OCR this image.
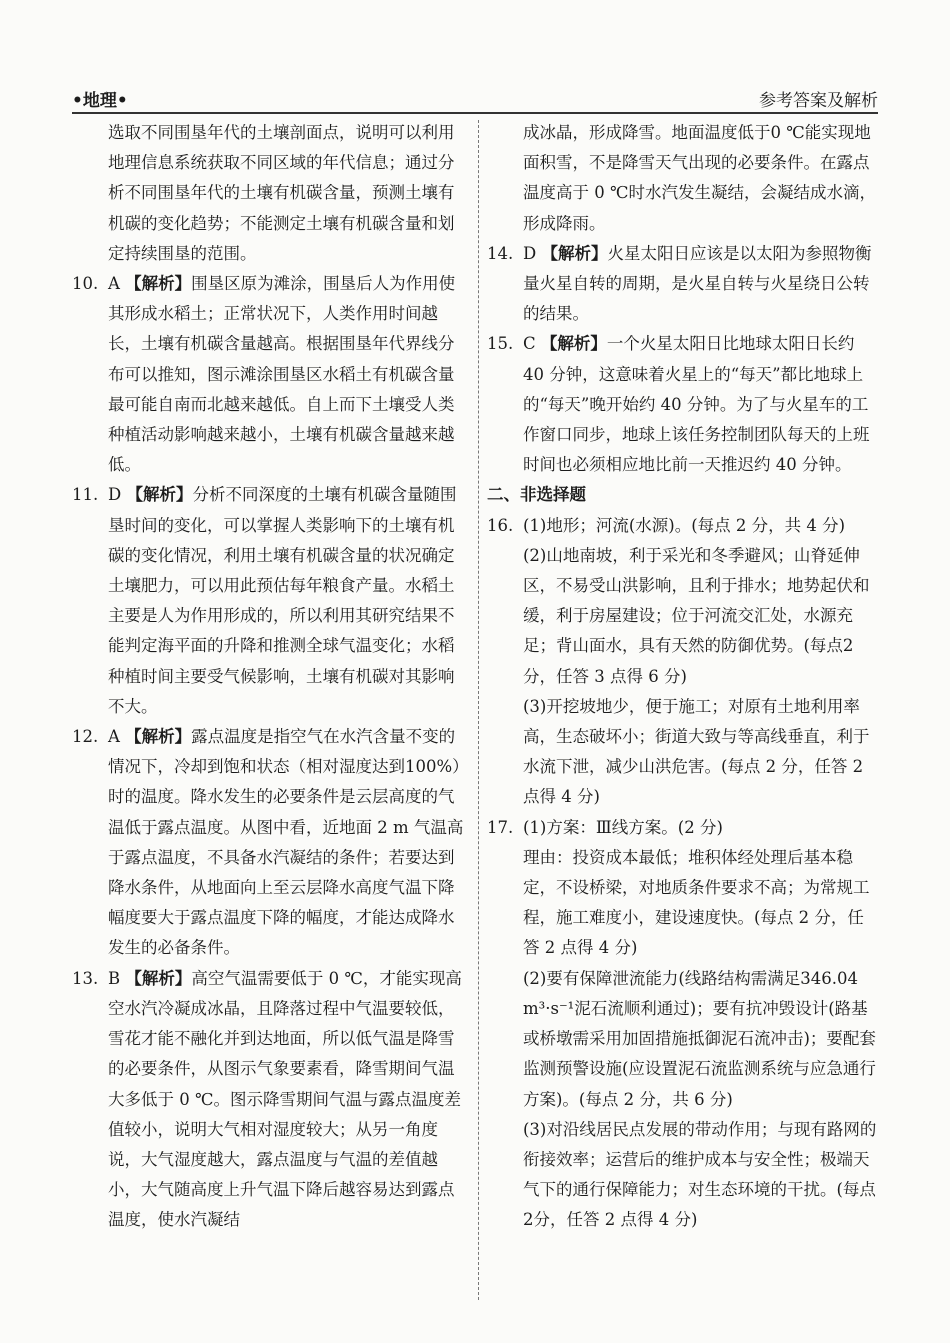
•地理•	参考答案及解析
选取不同围垦年代的土壤剖面点，说明可以利用地理信息系统获取不同区域的年代信息；通过分析不同围垦年代的土壤有机碳含量，预测土壤有机碳的变化趋势；不能测定土壤有机碳含量和划定持续围垦的范围。
10. A 【解析】围垦区原为滩涂，围垦后人为作用使其形成水稻土；正常状况下，人类作用时间越长，土壤有机碳含量越高。根据围垦年代界线分布可以推知，图示滩涂围垦区水稻土有机碳含量最可能自南而北越来越低。自上而下土壤受人类种植活动影响越来越小，土壤有机碳含量越来越低。
11. D 【解析】分析不同深度的土壤有机碳含量随围垦时间的变化，可以掌握人类影响下的土壤有机碳的变化情况，利用土壤有机碳含量的状况确定土壤肥力，可以用此预估每年粮食产量。水稻土主要是人为作用形成的，所以利用其研究结果不能判定海平面的升降和推测全球气温变化；水稻种植时间主要受气候影响，土壤有机碳对其影响不大。
12. A 【解析】露点温度是指空气在水汽含量不变的情况下，冷却到饱和状态（相对湿度达到100%）时的温度。降水发生的必要条件是云层高度的气温低于露点温度。从图中看，近地面 2 m 气温高于露点温度，不具备水汽凝结的条件；若要达到降水条件，从地面向上至云层降水高度气温下降幅度要大于露点温度下降的幅度，才能达成降水发生的必备条件。
13. B 【解析】高空气温需要低于 0 ℃，才能实现高空水汽冷凝成冰晶，且降落过程中气温要较低，雪花才能不融化并到达地面，所以低气温是降雪的必要条件，从图示气象要素看，降雪期间气温大多低于 0 ℃。图示降雪期间气温与露点温度差值较小，说明大气相对湿度较大；从另一角度说，大气湿度越大，露点温度与气温的差值越小，大气随高度上升气温下降后越容易达到露点温度，使水汽凝结
成冰晶，形成降雪。地面温度低于0 ℃能实现地面积雪，不是降雪天气出现的必要条件。在露点温度高于 0 ℃时水汽发生凝结，会凝结成水滴，形成降雨。
14. D 【解析】火星太阳日应该是以太阳为参照物衡量火星自转的周期，是火星自转与火星绕日公转的结果。
15. C 【解析】一个火星太阳日比地球太阳日长约 40 分钟，这意味着火星上的“每天”都比地球上的“每天”晚开始约 40 分钟。为了与火星车的工作窗口同步，地球上该任务控制团队每天的上班时间也必须相应地比前一天推迟约 40 分钟。
二、非选择题
16. (1)地形；河流(水源)。(每点 2 分，共 4 分)
(2)山地南坡，利于采光和冬季避风；山脊延伸区，不易受山洪影响，且利于排水；地势起伏和缓，利于房屋建设；位于河流交汇处，水源充足；背山面水，具有天然的防御优势。(每点2分，任答 3 点得 6 分)
(3)开挖坡地少，便于施工；对原有土地利用率高，生态破坏小；街道大致与等高线垂直，利于水流下泄，减少山洪危害。(每点 2 分，任答 2 点得 4 分)
17. (1)方案：Ⅲ线方案。(2 分)
理由：投资成本最低；堆积体经处理后基本稳定，不设桥梁，对地质条件要求不高；为常规工程，施工难度小，建设速度快。(每点 2 分，任答 2 点得 4 分)
(2)要有保障泄流能力(线路结构需满足346.04 m³·s⁻¹泥石流顺利通过)；要有抗冲毁设计(路基或桥墩需采用加固措施抵御泥石流冲击)；要配套监测预警设施(应设置泥石流监测系统与应急通行方案)。(每点 2 分，共 6 分)
(3)对沿线居民点发展的带动作用；与现有路网的衔接效率；运营后的维护成本与安全性；极端天气下的通行保障能力；对生态环境的干扰。(每点 2分，任答 2 点得 4 分)
